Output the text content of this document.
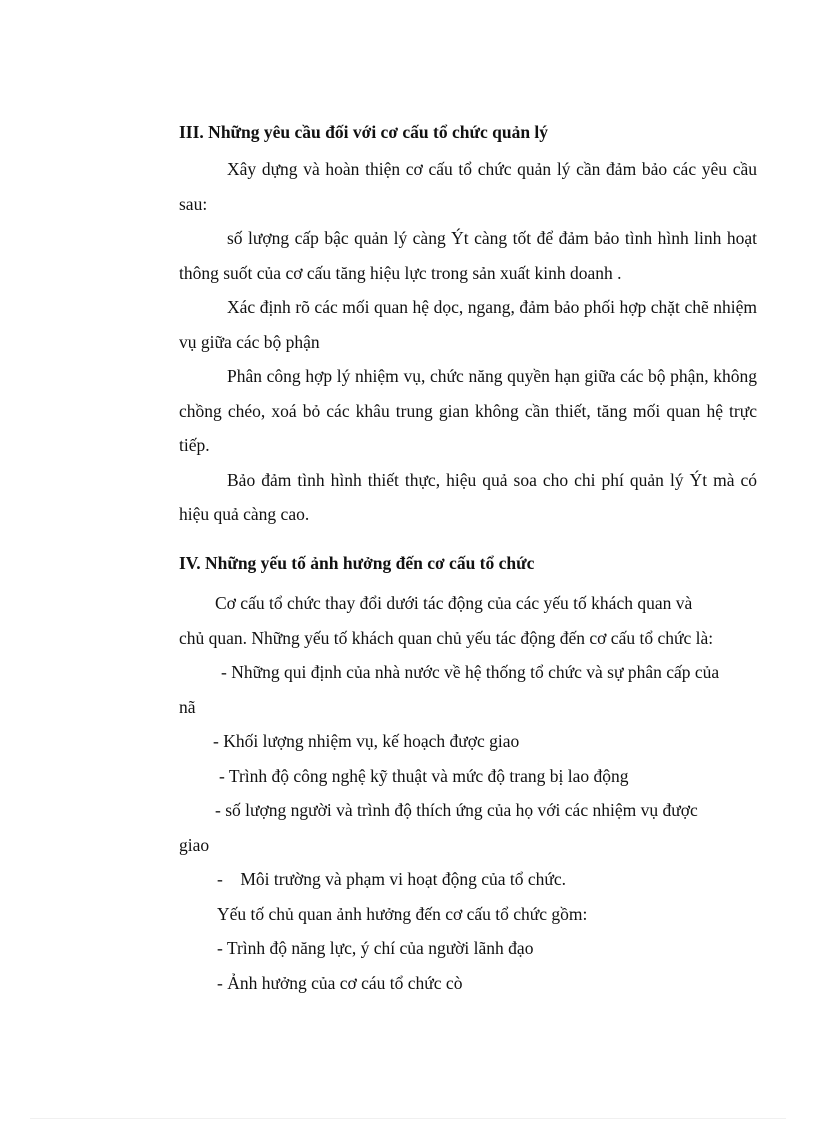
III. Những yêu cầu đối với cơ cấu tổ chức quản lý

Xây dựng và hoàn thiện cơ cấu tổ chức quản lý cần đảm bảo các yêu cầu sau:

số lượng cấp bậc quản lý càng Ýt càng tốt để đảm bảo tình hình linh hoạt thông suốt của cơ cấu tăng hiệu lực trong sản xuất kinh doanh .

Xác định rõ các mối quan hệ dọc, ngang, đảm bảo phối hợp chặt chẽ nhiệm vụ giữa các bộ phận

Phân công hợp lý nhiệm vụ, chức năng quyền hạn giữa các bộ phận, không chồng chéo, xoá bỏ các khâu trung gian không cần thiết, tăng mối quan hệ trực tiếp.

Bảo đảm tình hình thiết thực, hiệu quả soa cho chi phí quản lý Ýt mà có hiệu quả càng cao.

IV. Những yếu tố ảnh hưởng đến cơ cấu tổ chức
Cơ cấu tổ chức thay đổi dưới tác động của các yếu tố khách quan và
chủ quan. Những yếu tố khách quan chủ yếu tác động đến cơ cấu tổ chức là:
- Những qui định của nhà nước về hệ thống tổ chức và sự phân cấp của
nã
- Khối lượng nhiệm vụ, kế hoạch được giao
- Trình độ công nghệ kỹ thuật và mức độ trang bị lao động
- số lượng người và trình độ thích ứng của họ với các nhiệm vụ được
giao
-    Môi trường và phạm vi hoạt động của tổ chức.
Yếu tố chủ quan ảnh hưởng đến cơ cấu tổ chức gồm:
- Trình độ năng lực, ý chí của người lãnh đạo
- Ảnh hưởng của cơ cáu tổ chức cò
